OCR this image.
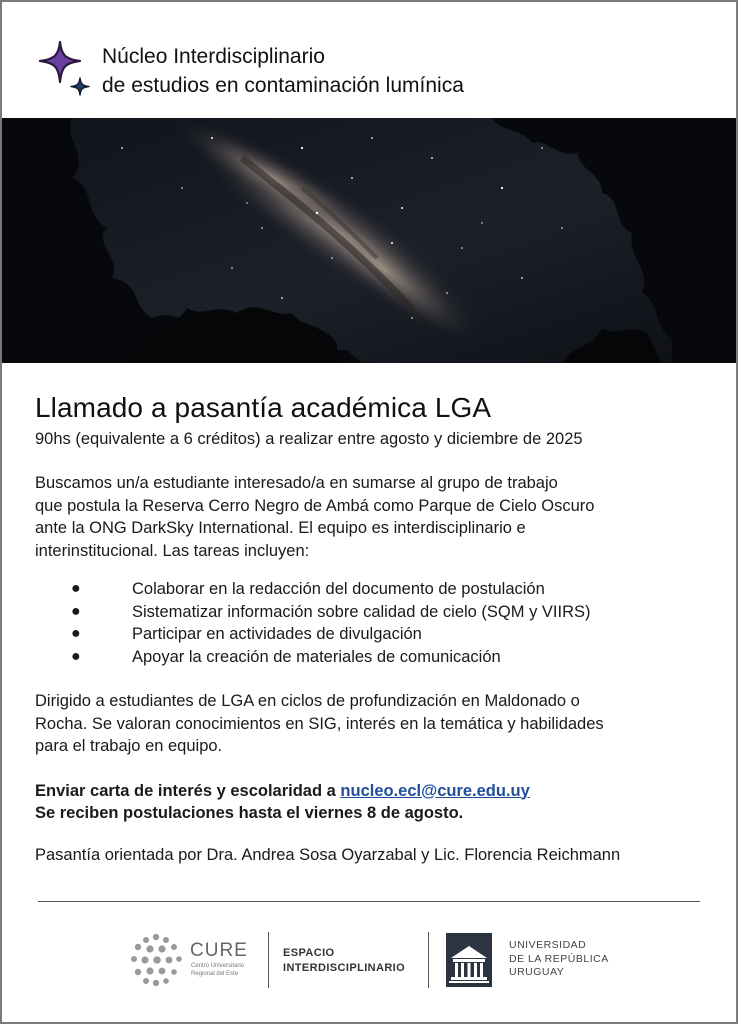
Núcleo Interdisciplinario
de estudios en contaminación lumínica
Llamado a pasantía académica LGA
90hs (equivalente a 6 créditos) a realizar entre agosto y diciembre de 2025
Buscamos un/a estudiante interesado/a en sumarse al grupo de trabajo
que postula la Reserva Cerro Negro de Ambá como Parque de Cielo Oscuro
ante la ONG DarkSky International. El equipo es interdisciplinario e
interinstitucional. Las tareas incluyen:
●	Colaborar en la redacción del documento de postulación
●	Sistematizar información sobre calidad de cielo (SQM y VIIRS)
●	Participar en actividades de divulgación
●	Apoyar la creación de materiales de comunicación
Dirigido a estudiantes de LGA en ciclos de profundización en Maldonado o
Rocha. Se valoran conocimientos en SIG, interés en la temática y habilidades
para el trabajo en equipo.
Enviar carta de interés y escolaridad a nucleo.ecl@cure.edu.uy
Se reciben postulaciones hasta el viernes 8 de agosto.
Pasantía orientada por Dra. Andrea Sosa Oyarzabal y Lic. Florencia Reichmann
CURE
Centro Universitario
Regional del Este
ESPACIO
INTERDISCIPLINARIO
UNIVERSIDAD
DE LA REPÚBLICA
URUGUAY
